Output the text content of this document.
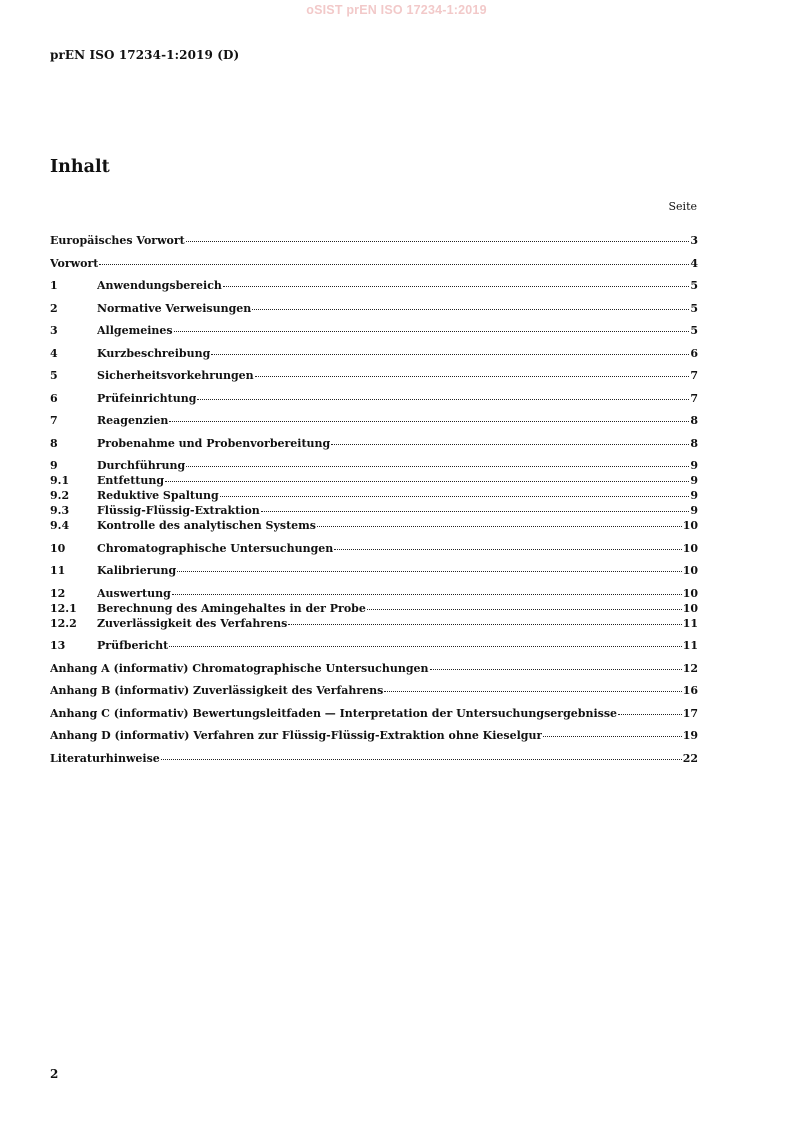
oSIST prEN ISO 17234-1:2019
prEN ISO 17234-1:2019 (D)
Inhalt
Seite
Europäisches Vorwort	3
Vorwort	4
1	Anwendungsbereich	5
2	Normative Verweisungen	5
3	Allgemeines	5
4	Kurzbeschreibung	6
5	Sicherheitsvorkehrungen	7
6	Prüfeinrichtung	7
7	Reagenzien	8
8	Probenahme und Probenvorbereitung	8
9	Durchführung	9
9.1	Entfettung	9
9.2	Reduktive Spaltung	9
9.3	Flüssig-Flüssig-Extraktion	9
9.4	Kontrolle des analytischen Systems	10
10	Chromatographische Untersuchungen	10
11	Kalibrierung	10
12	Auswertung	10
12.1	Berechnung des Amingehaltes in der Probe	10
12.2	Zuverlässigkeit des Verfahrens	11
13	Prüfbericht	11
Anhang A (informativ) Chromatographische Untersuchungen	12
Anhang B (informativ) Zuverlässigkeit des Verfahrens	16
Anhang C (informativ) Bewertungsleitfaden — Interpretation der Untersuchungsergebnisse	17
Anhang D (informativ) Verfahren zur Flüssig-Flüssig-Extraktion ohne Kieselgur	19
Literaturhinweise	22
2
